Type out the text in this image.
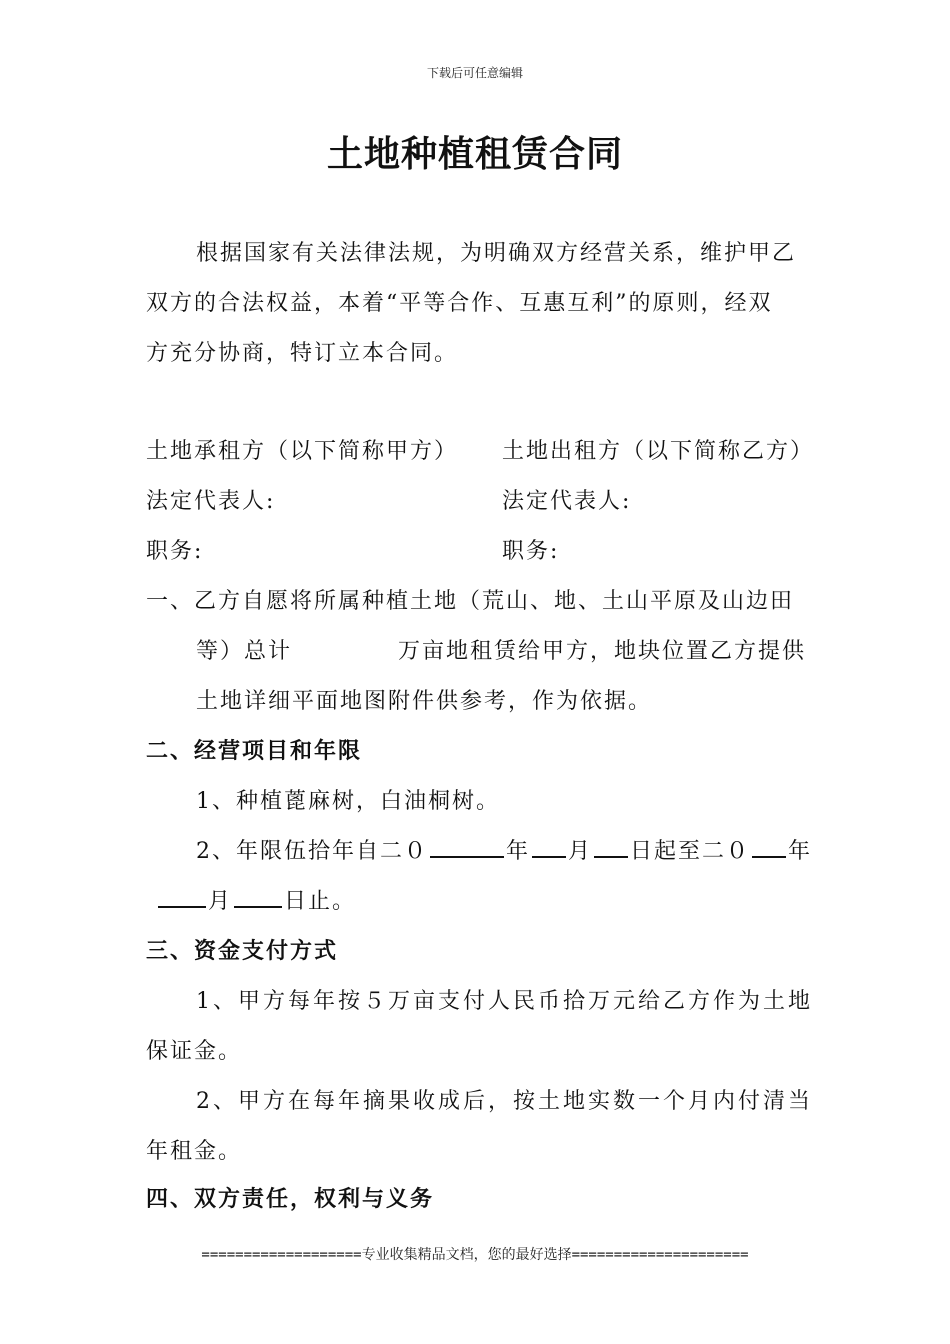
下载后可任意编辑
土地种植租赁合同
根据国家有关法律法规，为明确双方经营关系，维护甲乙
双方的合法权益，本着“平等合作、互惠互利”的原则，经双
方充分协商，特订立本合同。
土地承租方（以下简称甲方） 土地出租方（以下简称乙方）
法定代表人:	法定代表人:
职务:	职务:
一、乙方自愿将所属种植土地（荒山、地、土山平原及山边田
等）总计	万亩地租赁给甲方，地块位置乙方提供
土地详细平面地图附件供参考，作为依据。
二、经营项目和年限
1、种植蓖麻树，白油桐树。
2、年限伍拾年自二０	年 月 日起至二０ 年
月 日止。
三、资金支付方式
1、甲方每年按５万亩支付人民币拾万元给乙方作为土地
保证金。
2、甲方在每年摘果收成后，按土地实数一个月内付清当
年租金。
四、双方责任，权利与义务
===================专业收集精品文档，您的最好选择=====================
